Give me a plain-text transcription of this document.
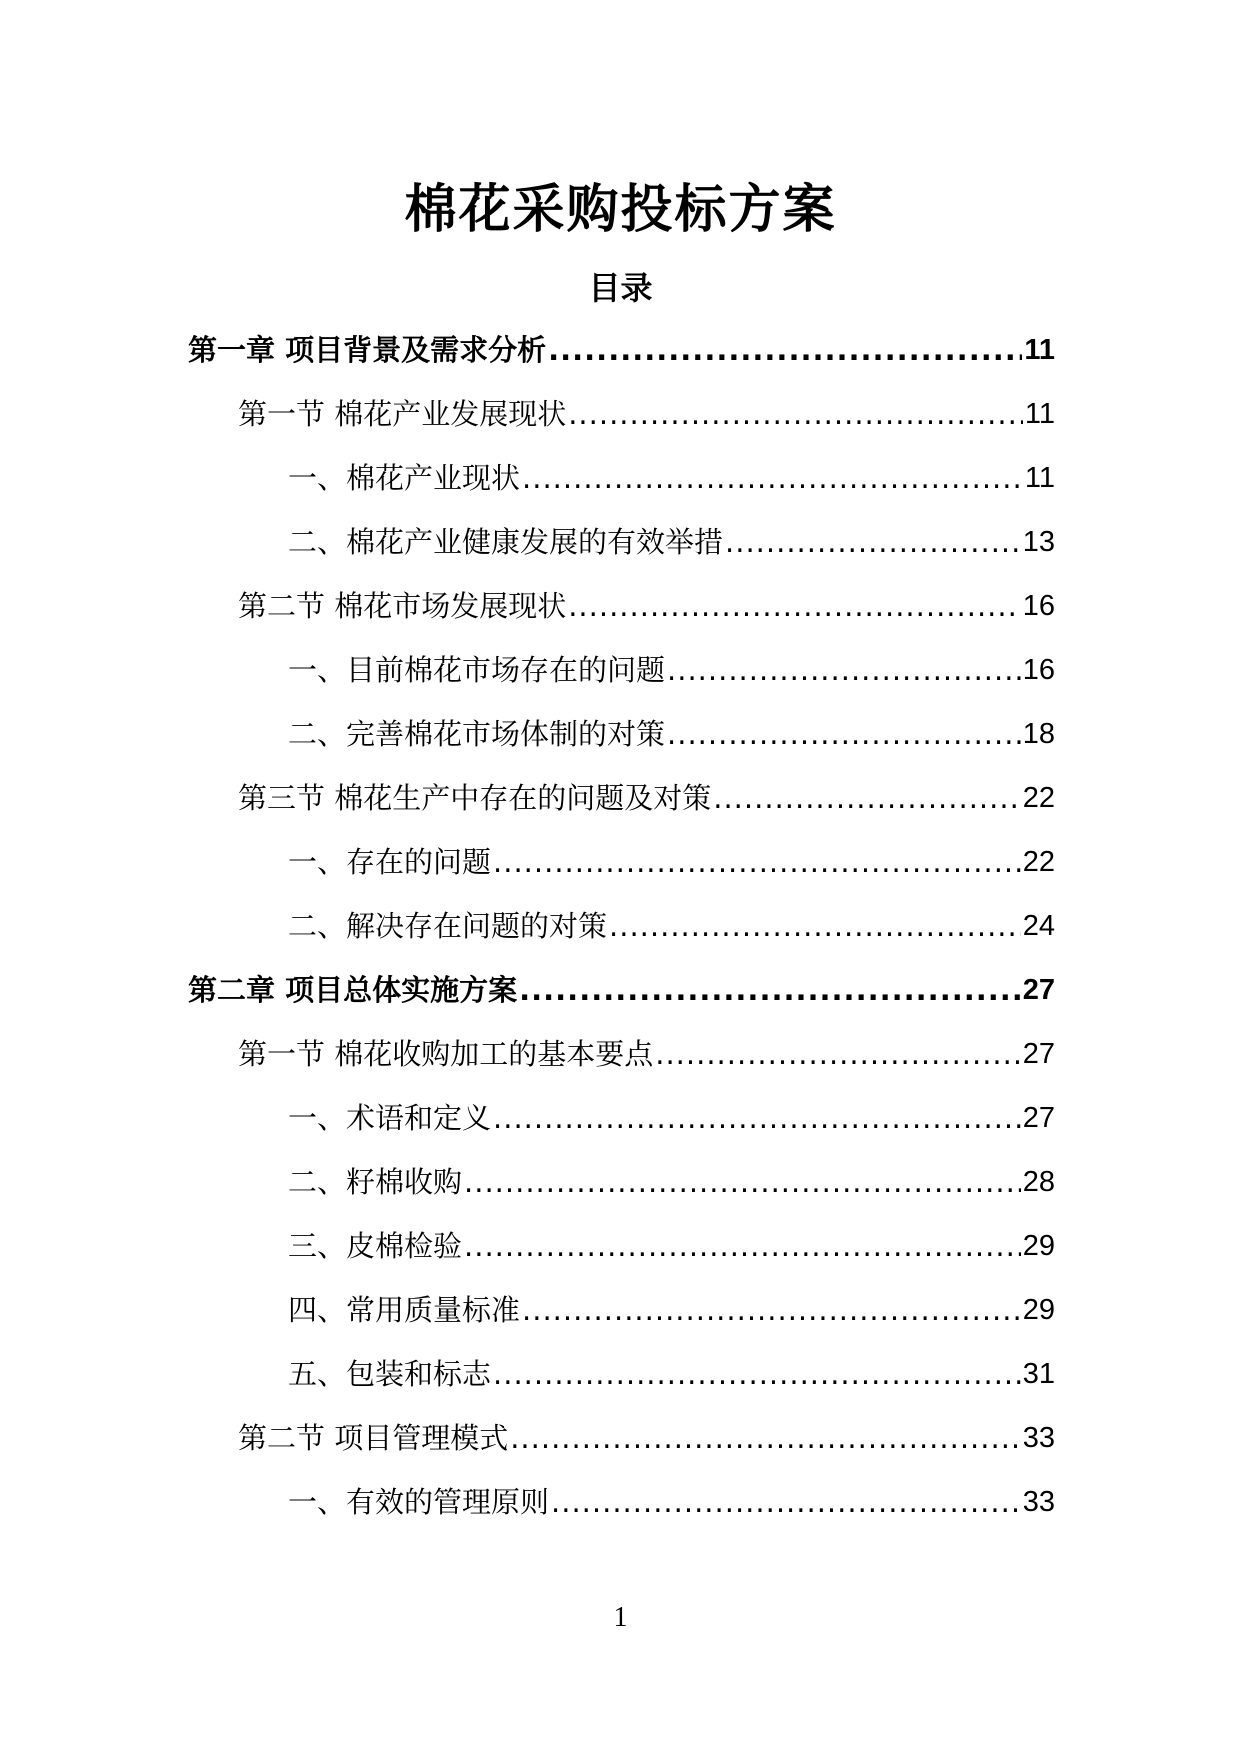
棉花采购投标方案
目录
第一章 项目背景及需求分析 .....	11
第一节 棉花产业发展现状 .....	11
一、棉花产业现状 .....	11
二、棉花产业健康发展的有效举措 .....	13
第二节 棉花市场发展现状 .....	16
一、目前棉花市场存在的问题 .....	16
二、完善棉花市场体制的对策 .....	18
第三节 棉花生产中存在的问题及对策 .....	22
一、存在的问题 .....	22
二、解决存在问题的对策 .....	24
第二章 项目总体实施方案 .....	27
第一节 棉花收购加工的基本要点 .....	27
一、术语和定义 .....	27
二、籽棉收购 .....	28
三、皮棉检验 .....	29
四、常用质量标准 .....	29
五、包装和标志 .....	31
第二节 项目管理模式 .....	33
一、有效的管理原则 .....	33
1
